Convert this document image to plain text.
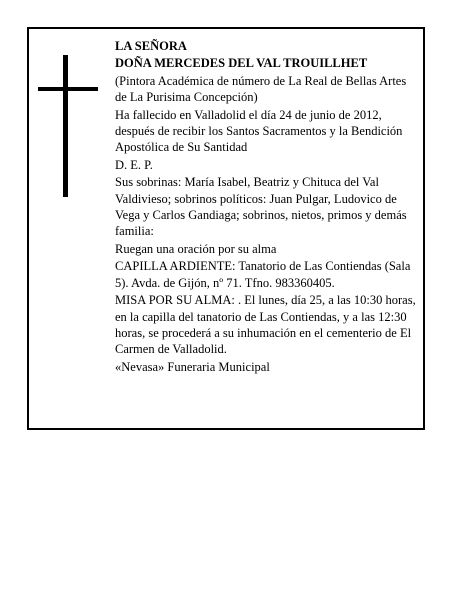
LA SEÑORA

DOÑA MERCEDES DEL VAL TROUILLHET

(Pintora Académica de número de La Real de Bellas Artes de La Purisima Concepción)

Ha fallecido en Valladolid el día 24 de junio de 2012, después de recibir los Santos Sacramentos y la Bendición Apostólica de Su Santidad

D. E. P.

Sus sobrinas: María Isabel, Beatriz y Chituca del Val Valdivieso; sobrinos políticos: Juan Pulgar, Ludovico de Vega y Carlos Gandiaga; sobrinos, nietos, primos y demás familia:

Ruegan una oración por su alma

CAPILLA ARDIENTE: Tanatorio de Las Contiendas (Sala 5). Avda. de Gijón, nº 71. Tfno. 983360405.

MISA POR SU ALMA: . El lunes, día 25, a las 10:30 horas, en la capilla del tanatorio de Las Contiendas, y a las 12:30 horas, se procederá a su inhumación en el cementerio de El Carmen de Valladolid.

«Nevasa» Funeraria Municipal
